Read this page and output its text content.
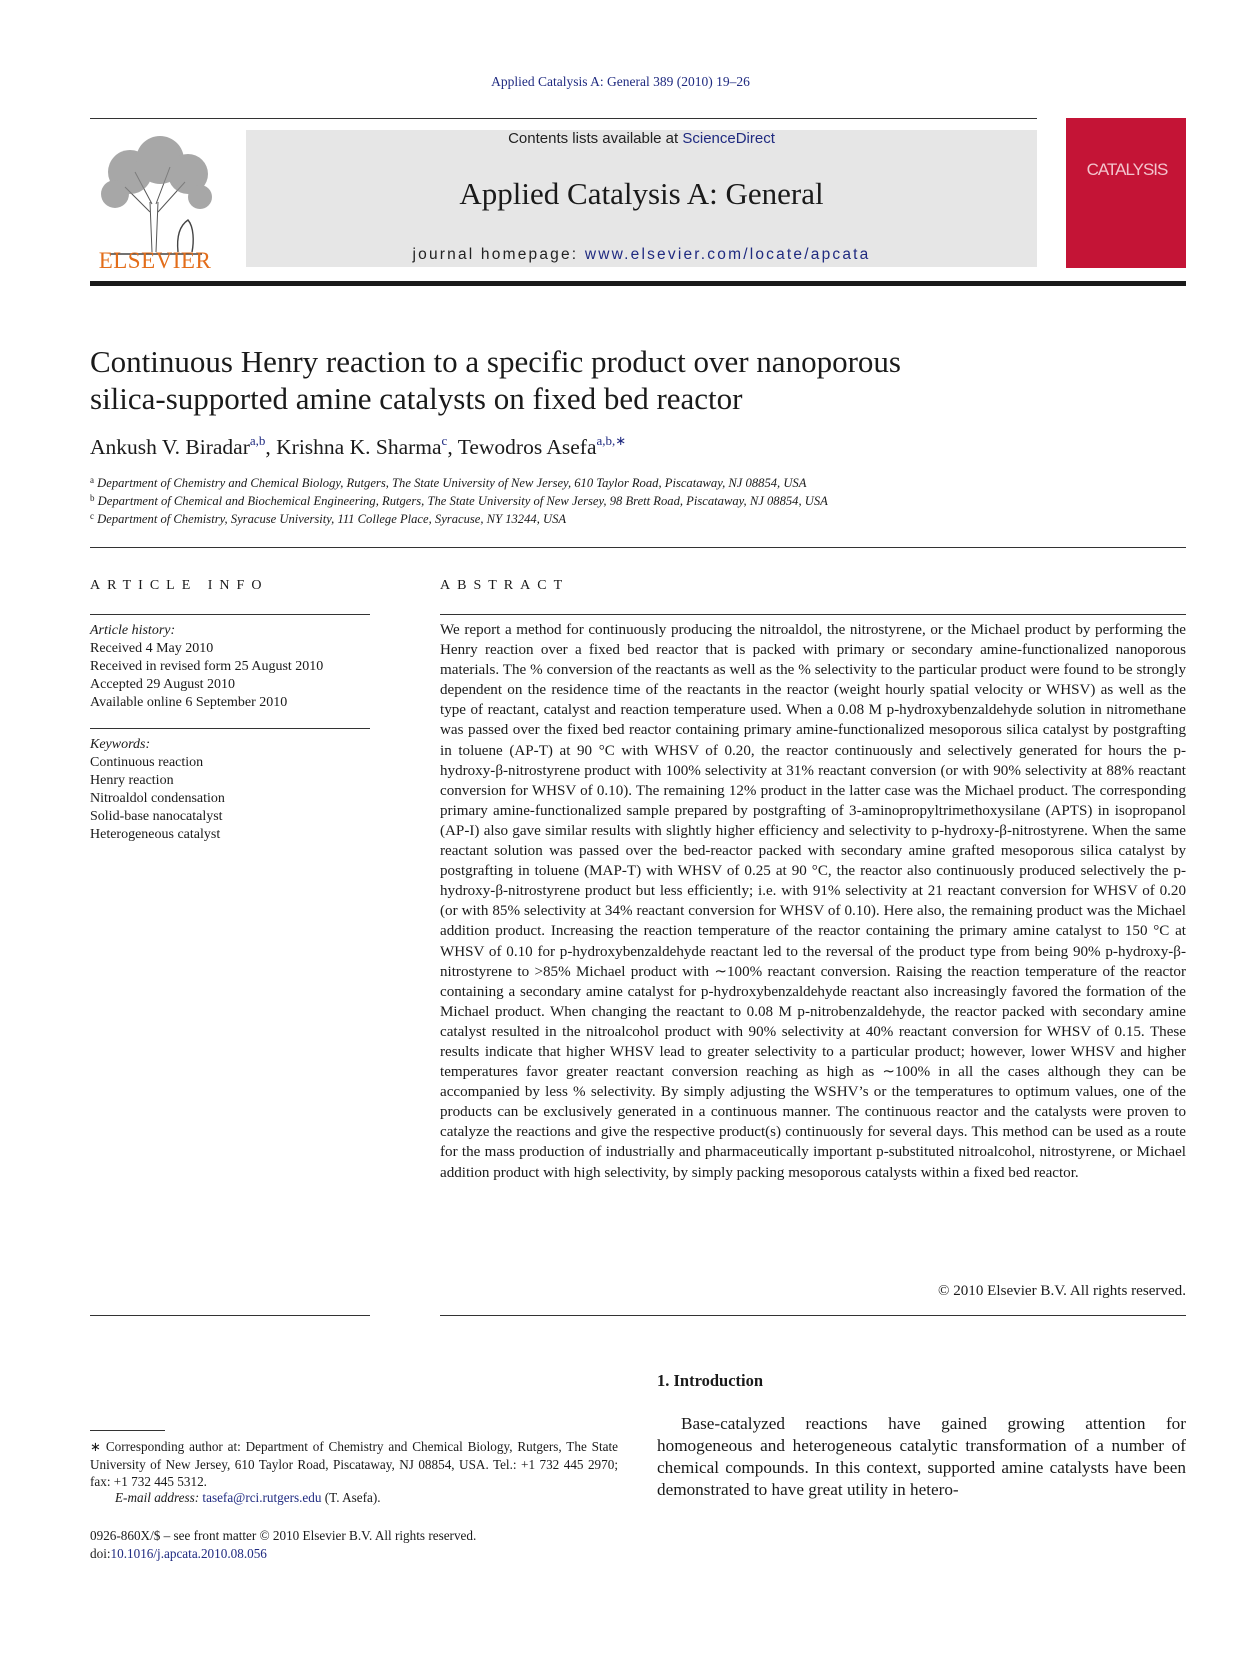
Applied Catalysis A: General 389 (2010) 19–26
ELSEVIER
Contents lists available at ScienceDirect
Applied Catalysis A: General
journal homepage: www.elsevier.com/locate/apcata
CATALYSIS
Continuous Henry reaction to a specific product over nanoporous
silica-supported amine catalysts on fixed bed reactor
Ankush V. Biradar$^{a,b}$, Krishna K. Sharma$^c$, Tewodros Asefa$^{a,b,∗}$
$^a$ Department of Chemistry and Chemical Biology, Rutgers, The State University of New Jersey, 610 Taylor Road, Piscataway, NJ 08854, USA
$^b$ Department of Chemical and Biochemical Engineering, Rutgers, The State University of New Jersey, 98 Brett Road, Piscataway, NJ 08854, USA
$^c$ Department of Chemistry, Syracuse University, 111 College Place, Syracuse, NY 13244, USA
ARTICLE INFO
Article history:
Received 4 May 2010
Received in revised form 25 August 2010
Accepted 29 August 2010
Available online 6 September 2010
Keywords:
Continuous reaction
Henry reaction
Nitroaldol condensation
Solid-base nanocatalyst
Heterogeneous catalyst
ABSTRACT
We report a method for continuously producing the nitroaldol, the nitrostyrene, or the Michael product by performing the Henry reaction over a fixed bed reactor that is packed with primary or secondary amine-functionalized nanoporous materials. The % conversion of the reactants as well as the % selectivity to the particular product were found to be strongly dependent on the residence time of the reactants in the reactor (weight hourly spatial velocity or WHSV) as well as the type of reactant, catalyst and reaction temperature used. When a 0.08 M p-hydroxybenzaldehyde solution in nitromethane was passed over the fixed bed reactor containing primary amine-functionalized mesoporous silica catalyst by postgrafting in toluene (AP-T) at 90 °C with WHSV of 0.20, the reactor continuously and selectively generated for hours the p-hydroxy-β-nitrostyrene product with 100% selectivity at 31% reactant conversion (or with 90% selectivity at 88% reactant conversion for WHSV of 0.10). The remaining 12% product in the latter case was the Michael product. The corresponding primary amine-functionalized sample prepared by postgrafting of 3-aminopropyltrimethoxysilane (APTS) in isopropanol (AP-I) also gave similar results with slightly higher efficiency and selectivity to p-hydroxy-β-nitrostyrene. When the same reactant solution was passed over the bed-reactor packed with secondary amine grafted mesoporous silica catalyst by postgrafting in toluene (MAP-T) with WHSV of 0.25 at 90 °C, the reactor also continuously produced selectively the p-hydroxy-β-nitrostyrene product but less efficiently; i.e. with 91% selectivity at 21 reactant conversion for WHSV of 0.20 (or with 85% selectivity at 34% reactant conversion for WHSV of 0.10). Here also, the remaining product was the Michael addition product. Increasing the reaction temperature of the reactor containing the primary amine catalyst to 150 °C at WHSV of 0.10 for p-hydroxybenzaldehyde reactant led to the reversal of the product type from being 90% p-hydroxy-β-nitrostyrene to >85% Michael product with ∼100% reactant conversion. Raising the reaction temperature of the reactor containing a secondary amine catalyst for p-hydroxybenzaldehyde reactant also increasingly favored the formation of the Michael product. When changing the reactant to 0.08 M p-nitrobenzaldehyde, the reactor packed with secondary amine catalyst resulted in the nitroalcohol product with 90% selectivity at 40% reactant conversion for WHSV of 0.15. These results indicate that higher WHSV lead to greater selectivity to a particular product; however, lower WHSV and higher temperatures favor greater reactant conversion reaching as high as ∼100% in all the cases although they can be accompanied by less % selectivity. By simply adjusting the WSHV’s or the temperatures to optimum values, one of the products can be exclusively generated in a continuous manner. The continuous reactor and the catalysts were proven to catalyze the reactions and give the respective product(s) continuously for several days. This method can be used as a route for the mass production of industrially and pharmaceutically important p-substituted nitroalcohol, nitrostyrene, or Michael addition product with high selectivity, by simply packing mesoporous catalysts within a fixed bed reactor.
© 2010 Elsevier B.V. All rights reserved.
1. Introduction

Base-catalyzed reactions have gained growing attention for homogeneous and heterogeneous catalytic transformation of a number of chemical compounds. In this context, supported amine catalysts have been demonstrated to have great utility in hetero-

∗ Corresponding author at: Department of Chemistry and Chemical Biology, Rutgers, The State University of New Jersey, 610 Taylor Road, Piscataway, NJ 08854, USA. Tel.: +1 732 445 2970; fax: +1 732 445 5312.
E-mail address: tasefa@rci.rutgers.edu (T. Asefa).
0926-860X/$ – see front matter © 2010 Elsevier B.V. All rights reserved.
doi:10.1016/j.apcata.2010.08.056
